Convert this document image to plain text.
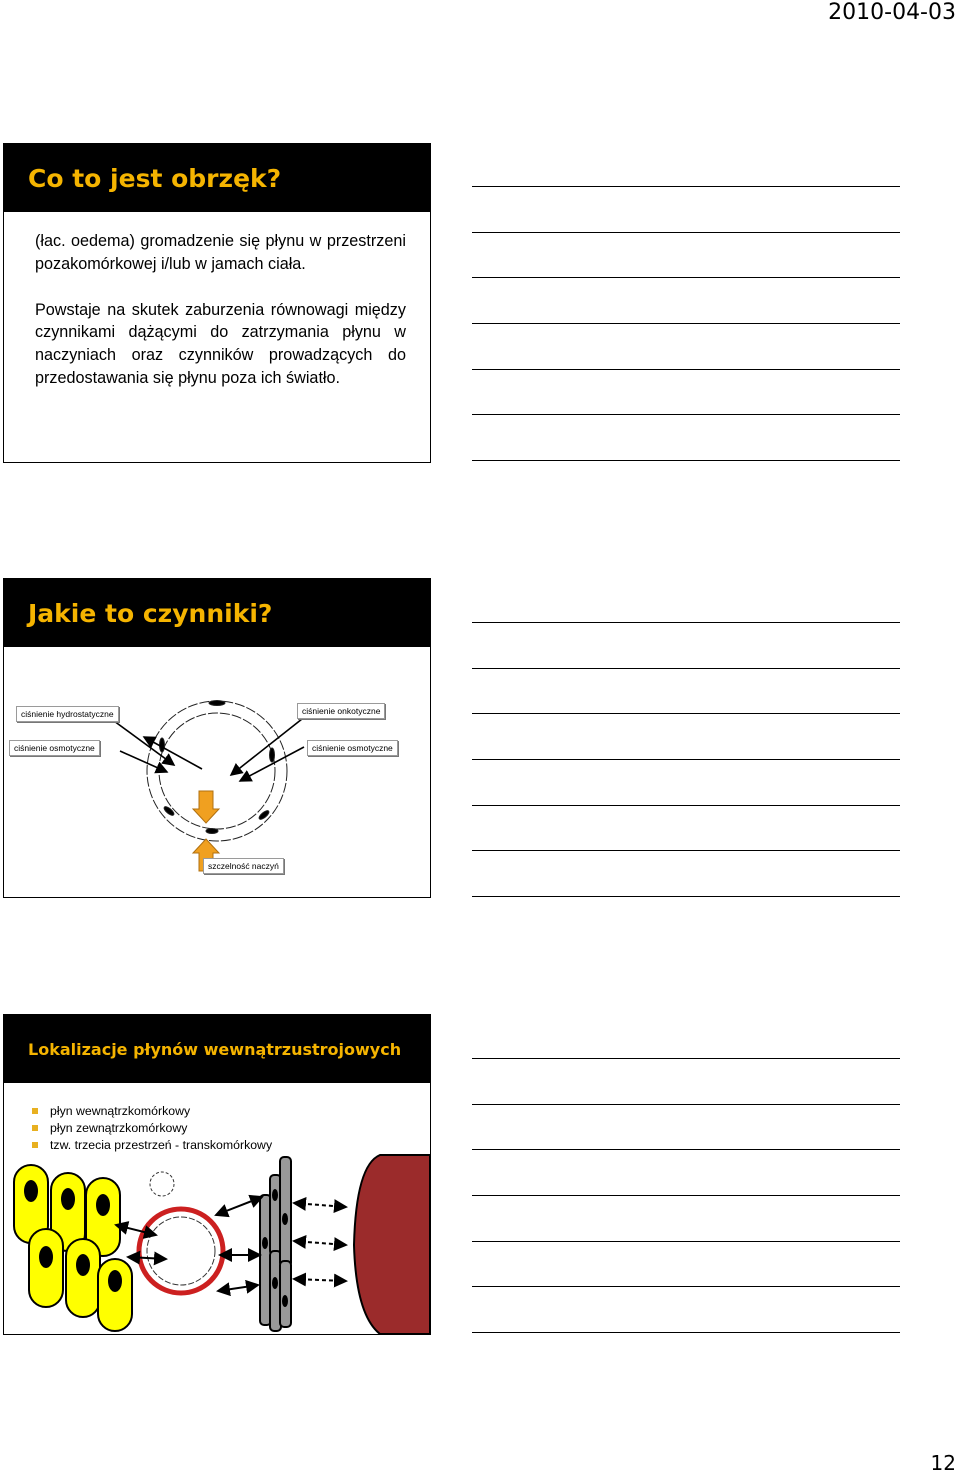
2010-04-03
Co to jest obrzęk?

(łac. oedema) gromadzenie się płynu w przestrzeni pozakomórkowej i/lub w jamach ciała.

Powstaje na skutek zaburzenia równowagi między czynnikami dążącymi do zatrzymania płynu w naczyniach oraz czynników prowadzących do przedostawania się płynu poza ich światło.

Jakie to czynniki?
ciśnienie hydrostatyczne	ciśnienie onkotyczne
ciśnienie osmotyczne	ciśnienie osmotyczne
szczelność naczyń
Lokalizacje płynów wewnątrzustrojowych
płyn wewnątrzkomórkowy
płyn zewnątrzkomórkowy
tzw. trzecia przestrzeń - transkomórkowy
12
